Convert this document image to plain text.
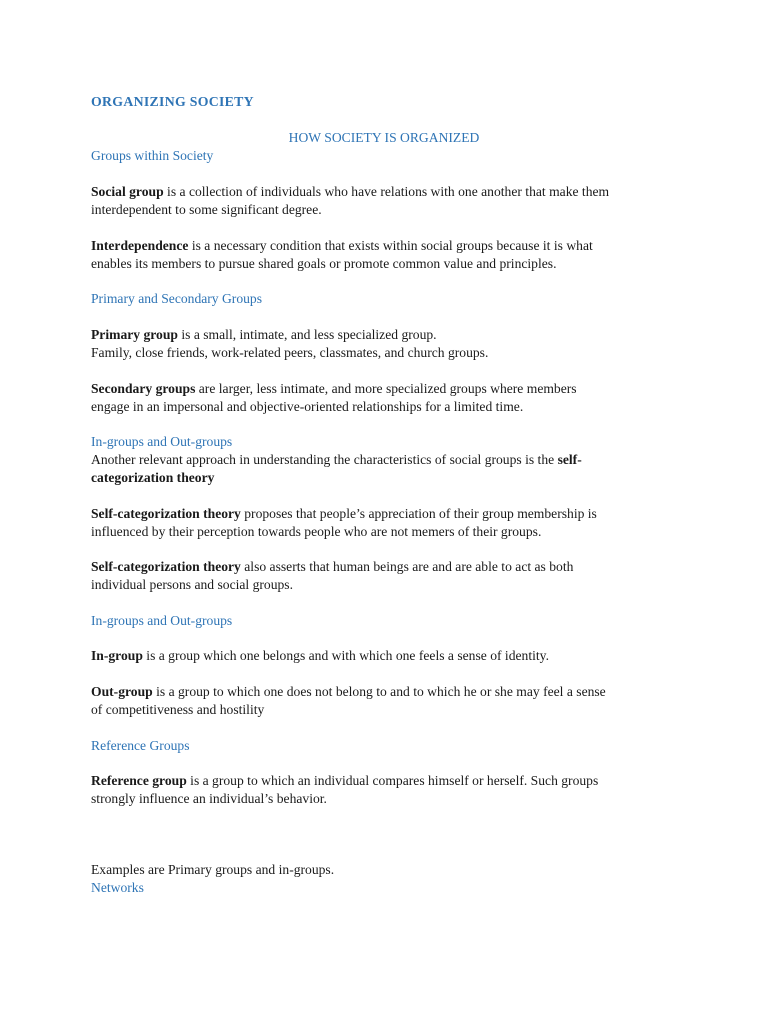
ORGANIZING SOCIETY

HOW SOCIETY IS ORGANIZED

Groups within Society

Social group is a collection of individuals who have relations with one another that make them

interdependent to some significant degree.

Interdependence is a necessary condition that exists within social groups because it is what

enables its members to pursue shared goals or promote common value and principles.

Primary and Secondary Groups

Primary group is a small, intimate, and less specialized group.

Family, close friends, work-related peers, classmates, and church groups.

Secondary groups are larger, less intimate, and more specialized groups where members

engage in an impersonal and objective-oriented relationships for a limited time.

In-groups and Out-groups

Another relevant approach in understanding the characteristics of social groups is the self-

categorization theory

Self-categorization theory proposes that people’s appreciation of their group membership is

influenced by their perception towards people who are not memers of their groups.

Self-categorization theory also asserts that human beings are and are able to act as both

individual persons and social groups.

In-groups and Out-groups

In-group is a group which one belongs and with which one feels a sense of identity.

Out-group is a group to which one does not belong to and to which he or she may feel a sense

of competitiveness and hostility

Reference Groups

Reference group is a group to which an individual compares himself or herself. Such groups

strongly influence an individual’s behavior.

Examples are Primary groups and in-groups.

Networks
